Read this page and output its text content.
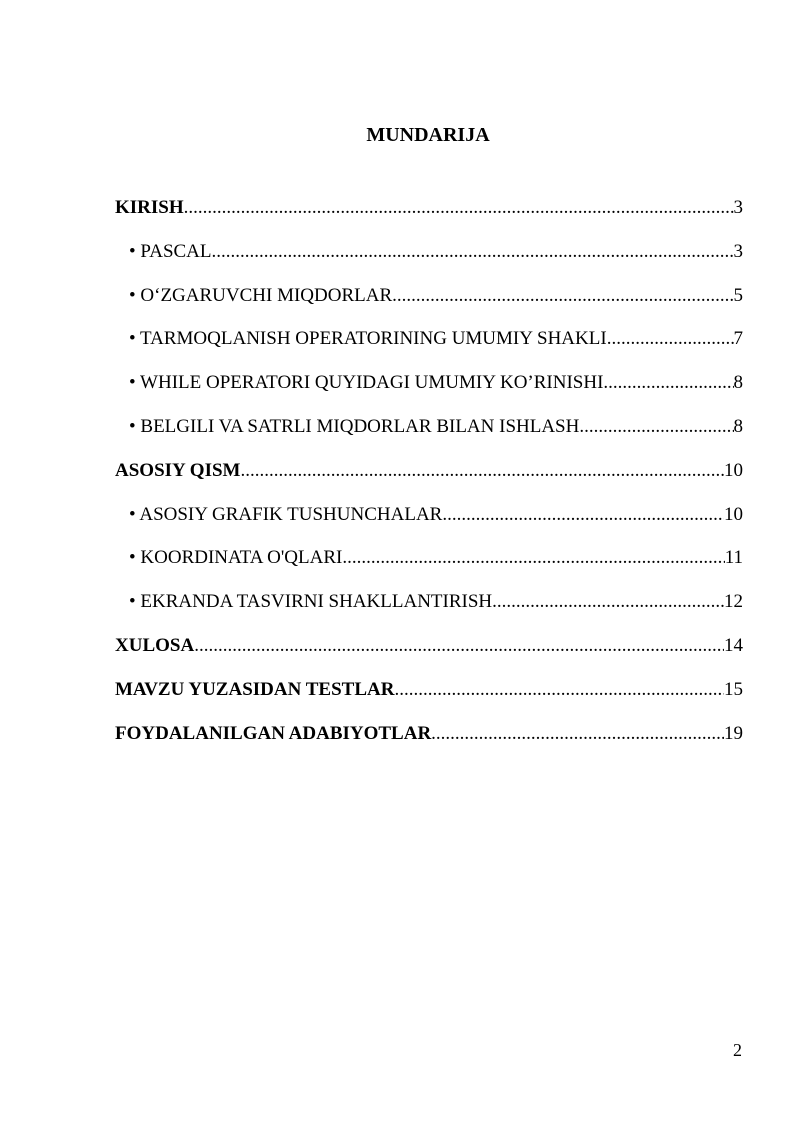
MUNDARIJA
KIRISH .....	3
• PASCAL .....	3
• O‘ZGARUVCHI MIQDORLAR .....	5
• TARMOQLANISH OPERATORINING UMUMIY SHAKLI .....	7
• WHILE OPERATORI QUYIDAGI UMUMIY KO’RINISHI .....	8
• BELGILI VA SATRLI MIQDORLAR BILAN ISHLASH .....	8
ASOSIY QISM .....	10
• ASOSIY GRAFIK TUSHUNCHALAR .....	10
• KOORDINATA O'QLARI .....	11
• EKRANDA TASVIRNI SHAKLLANTIRISH .....	12
XULOSA .....	14
MAVZU YUZASIDAN TESTLAR .....	15
FOYDALANILGAN ADABIYOTLAR .....	19
2
